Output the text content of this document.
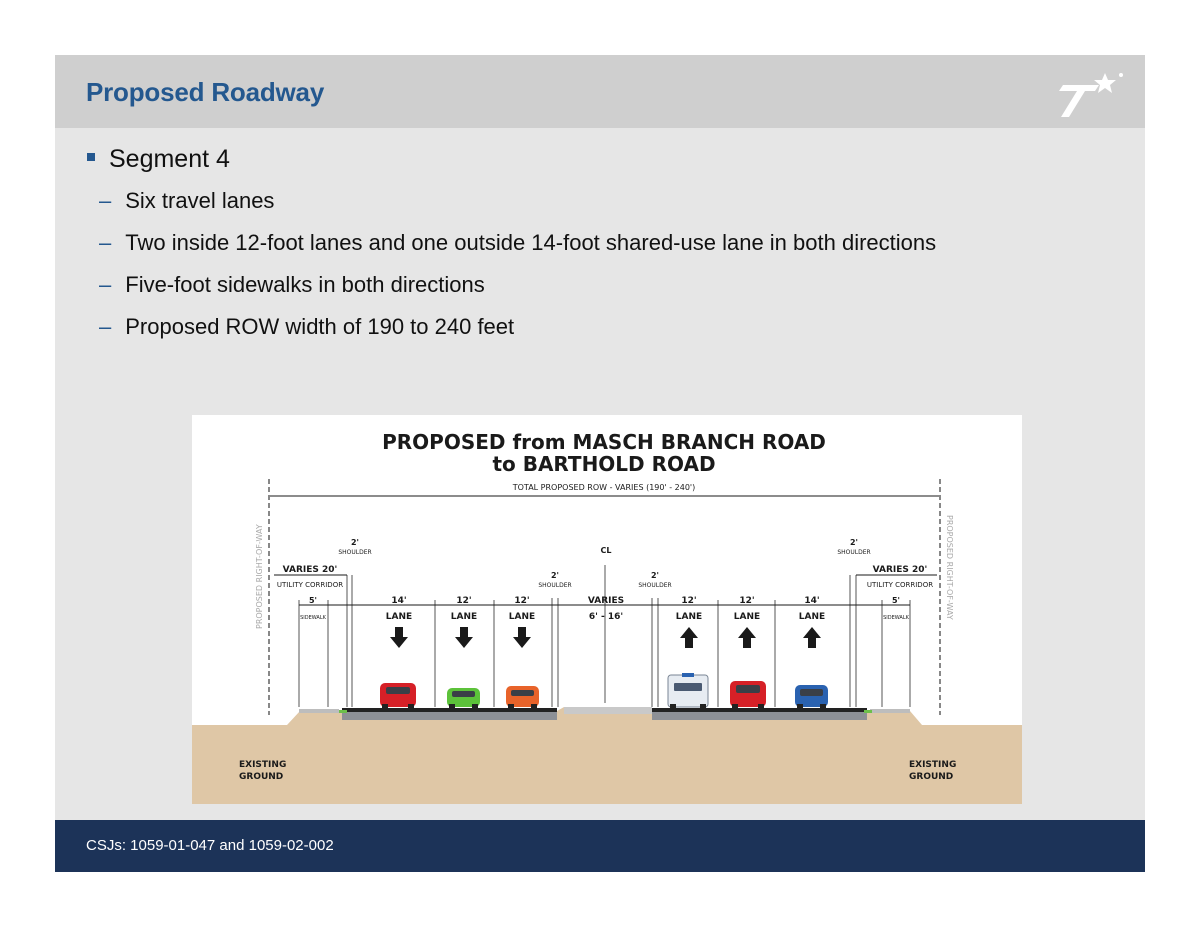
Proposed Roadway
Segment 4
– Six travel lanes
– Two inside 12-foot lanes and one outside 14-foot shared-use lane in both directions
– Five-foot sidewalks in both directions
– Proposed ROW width of 190 to 240 feet
PROPOSED from MASCH BRANCH ROAD
to BARTHOLD ROAD
TOTAL PROPOSED ROW - VARIES (190' - 240')
PROPOSED RIGHT-OF-WAY	PROPOSED RIGHT-OF-WAY
VARIES 20'
UTILITY CORRIDOR
VARIES 20'
UTILITY CORRIDOR
2'
SHOULDER
2'
SHOULDER
2'
SHOULDER
2'
SHOULDER
CL
5'
SIDEWALK
5'
SIDEWALK
14'
LANE
12'
LANE
12'
LANE
VARIES
6' - 16'
12'
LANE
12'
LANE
14'
LANE
EXISTING
GROUND
EXISTING
GROUND
CSJs: 1059-01-047 and 1059-02-002
